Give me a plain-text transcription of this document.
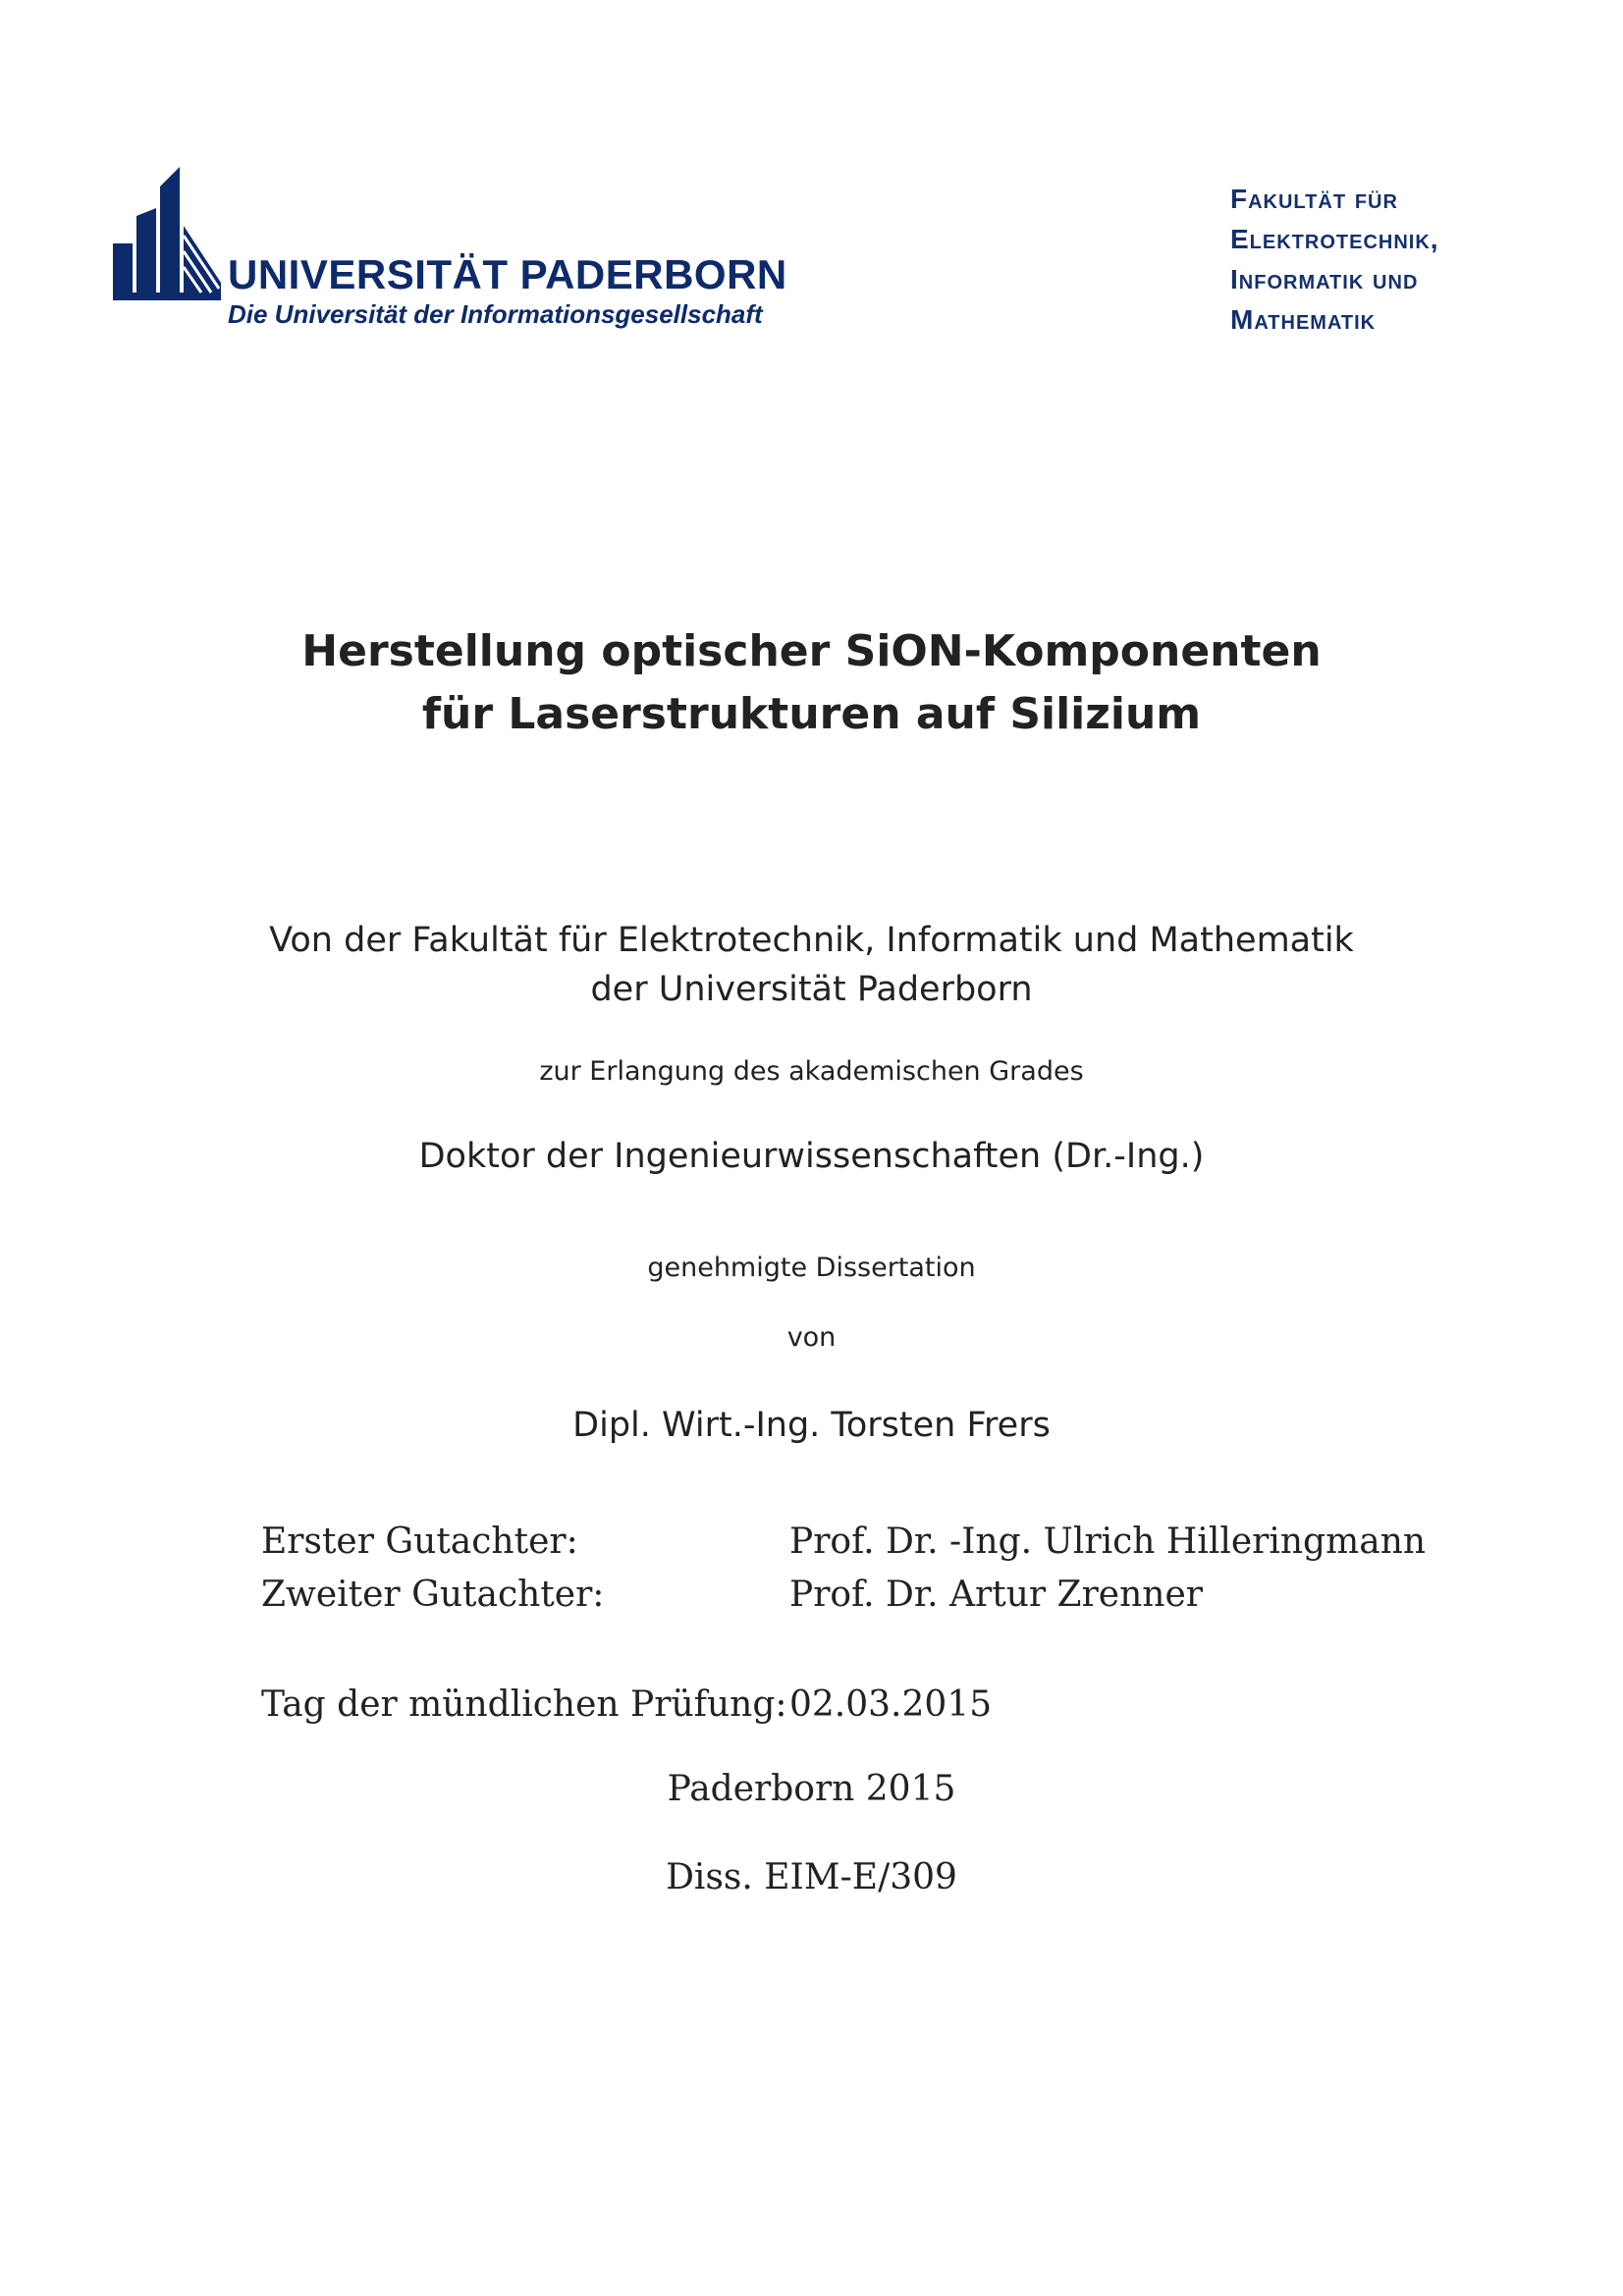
UNIVERSITÄT PADERBORN
Die Universität der Informationsgesellschaft
Fakultät für
Elektrotechnik,
Informatik und
Mathematik
Herstellung optischer SiON-Komponenten
für Laserstrukturen auf Silizium
Von der Fakultät für Elektrotechnik, Informatik und Mathematik
der Universität Paderborn
zur Erlangung des akademischen Grades
Doktor der Ingenieurwissenschaften (Dr.-Ing.)
genehmigte Dissertation
von
Dipl. Wirt.-Ing. Torsten Frers
Erster Gutachter:	Prof. Dr. -Ing. Ulrich Hilleringmann
Zweiter Gutachter:	Prof. Dr. Artur Zrenner
Tag der mündlichen Prüfung: 02.03.2015
Paderborn 2015
Diss. EIM-E/309
